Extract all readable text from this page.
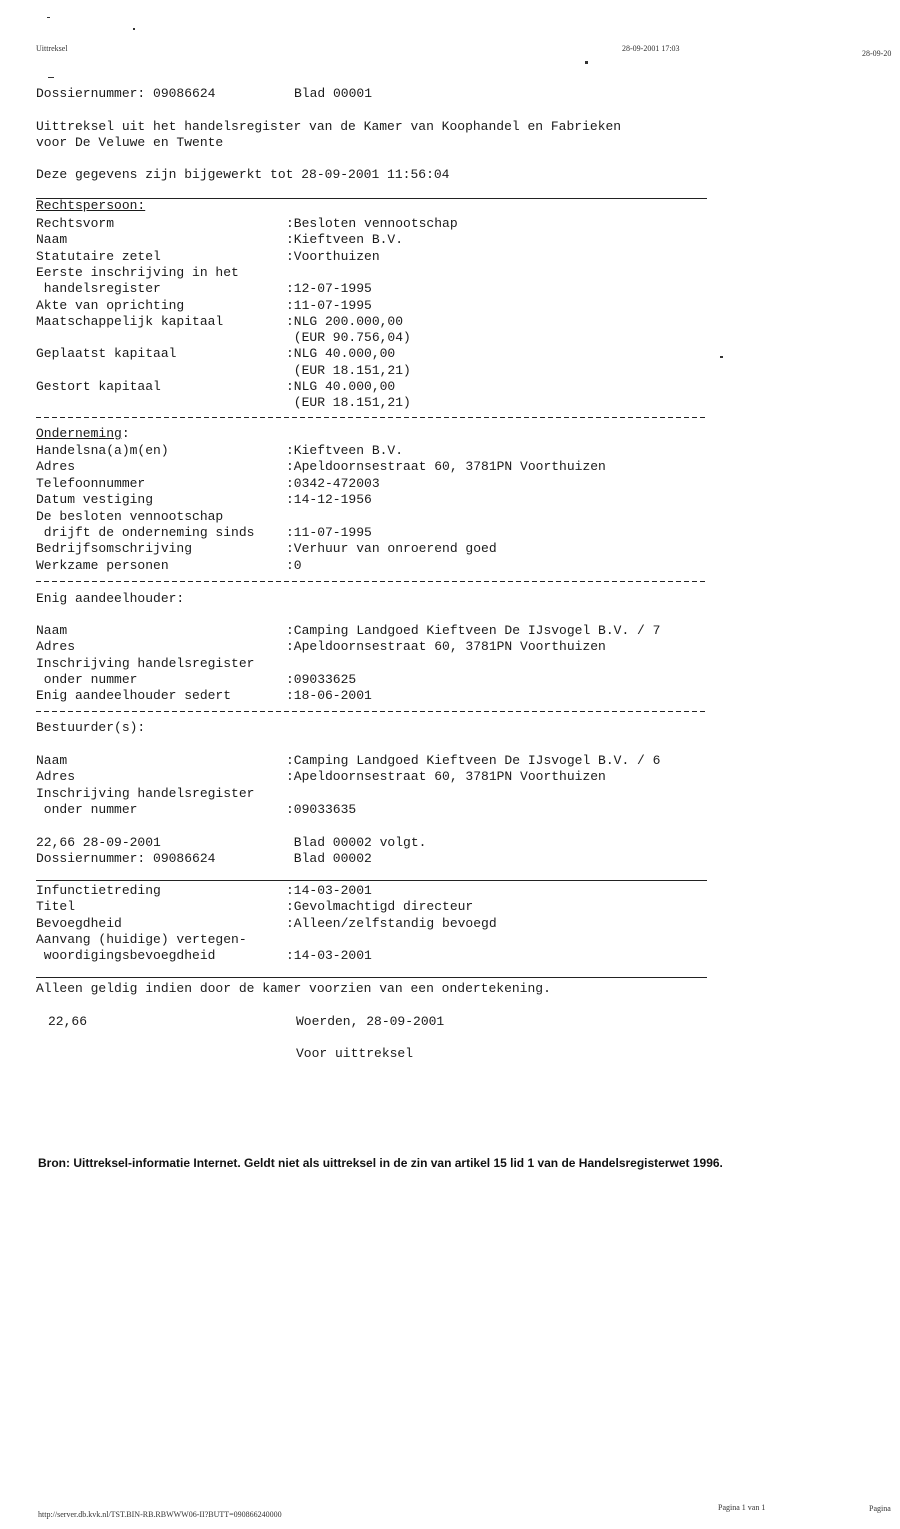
Uittreksel	28-09-2001 17:03
28-09-20
Dossiernummer: 09086624	Blad 00001
Uittreksel uit het handelsregister van de Kamer van Koophandel en Fabrieken
voor De Veluwe en Twente
Deze gegevens zijn bijgewerkt tot 28-09-2001 11:56:04
Rechtspersoon:
Rechtsvorm	:Besloten vennootschap
Naam	:Kieftveen B.V.
Statutaire zetel	:Voorthuizen
Eerste inschrijving in het
handelsregister	:12-07-1995
Akte van oprichting	:11-07-1995
Maatschappelijk kapitaal	:NLG 200.000,00
(EUR 90.756,04)
Geplaatst kapitaal	:NLG 40.000,00
(EUR 18.151,21)
Gestort kapitaal	:NLG 40.000,00
(EUR 18.151,21)
Onderneming:
Handelsna(a)m(en)	:Kieftveen B.V.
Adres	:Apeldoornsestraat 60, 3781PN Voorthuizen
Telefoonnummer	:0342-472003
Datum vestiging	:14-12-1956
De besloten vennootschap
drijft de onderneming sinds :11-07-1995
Bedrijfsomschrijving	:Verhuur van onroerend goed
Werkzame personen	:0
Enig aandeelhouder:
Naam	:Camping Landgoed Kieftveen De IJsvogel B.V. / 7
Adres	:Apeldoornsestraat 60, 3781PN Voorthuizen
Inschrijving handelsregister
onder nummer	:09033625
Enig aandeelhouder sedert	:18-06-2001
Bestuurder(s):
Naam	:Camping Landgoed Kieftveen De IJsvogel B.V. / 6
Adres	:Apeldoornsestraat 60, 3781PN Voorthuizen
Inschrijving handelsregister
onder nummer	:09033635
22,66 28-09-2001	Blad 00002 volgt.
Dossiernummer: 09086624	Blad 00002
Infunctietreding	:14-03-2001
Titel	:Gevolmachtigd directeur
Bevoegdheid	:Alleen/zelfstandig bevoegd
Aanvang (huidige) vertegen-
woordigingsbevoegdheid	:14-03-2001
Alleen geldig indien door de kamer voorzien van een ondertekening.
22,66	Woerden, 28-09-2001
Voor uittreksel
Bron: Uittreksel-informatie Internet. Geldt niet als uittreksel in de zin van artikel 15 lid 1 van de Handelsregisterwet 1996.
http://server.db.kvk.nl/TST.BIN-RB.RBWWW06-II?BUTT=090866240000
Pagina 1 van 1	Pagina
